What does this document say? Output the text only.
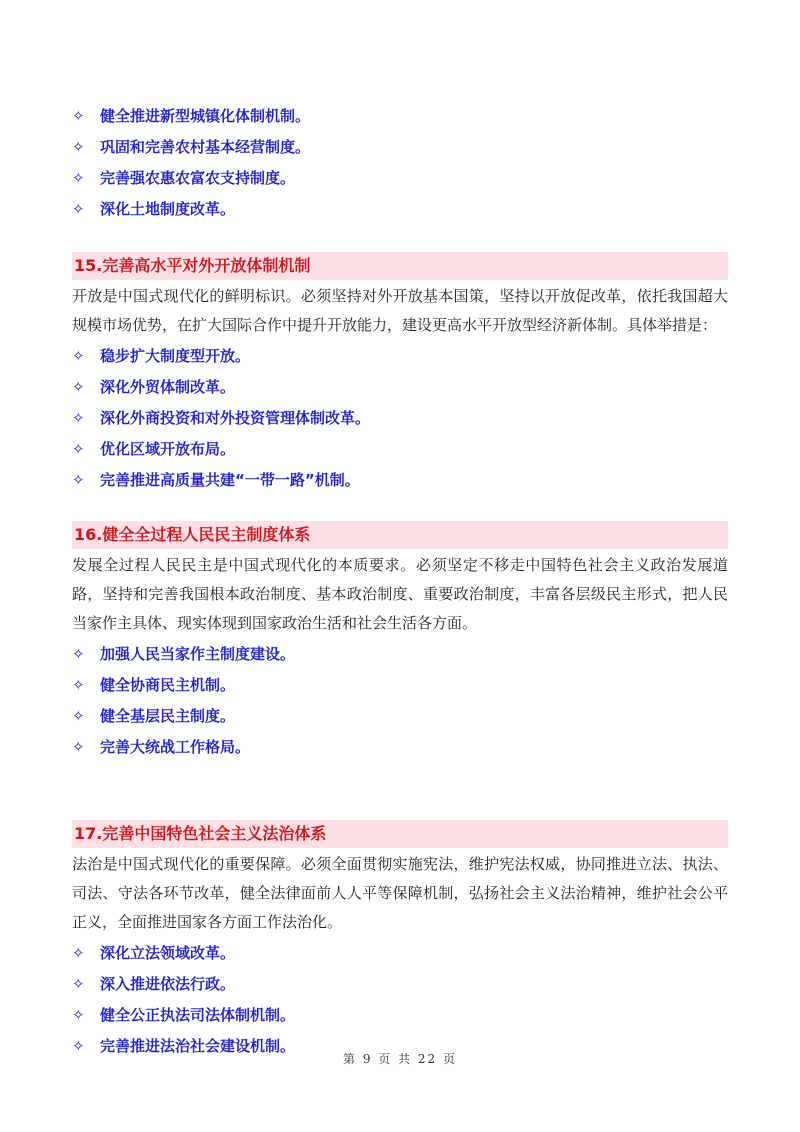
✧	健全推进新型城镇化体制机制。
✧	巩固和完善农村基本经营制度。
✧	完善强农惠农富农支持制度。
✧	深化土地制度改革。
15.完善高水平对外开放体制机制

开放是中国式现代化的鲜明标识。必须坚持对外开放基本国策，坚持以开放促改革，依托我国超大规模市场优势，在扩大国际合作中提升开放能力，建设更高水平开放型经济新体制。具体举措是：

✧	稳步扩大制度型开放。
✧	深化外贸体制改革。
✧	深化外商投资和对外投资管理体制改革。
✧	优化区域开放布局。
✧	完善推进高质量共建“一带一路”机制。
16.健全全过程人民民主制度体系

发展全过程人民民主是中国式现代化的本质要求。必须坚定不移走中国特色社会主义政治发展道路，坚持和完善我国根本政治制度、基本政治制度、重要政治制度，丰富各层级民主形式，把人民当家作主具体、现实体现到国家政治生活和社会生活各方面。

✧	加强人民当家作主制度建设。
✧	健全协商民主机制。
✧	健全基层民主制度。
✧	完善大统战工作格局。
17.完善中国特色社会主义法治体系

法治是中国式现代化的重要保障。必须全面贯彻实施宪法，维护宪法权威，协同推进立法、执法、司法、守法各环节改革，健全法律面前人人平等保障机制，弘扬社会主义法治精神，维护社会公平正义，全面推进国家各方面工作法治化。

✧	深化立法领域改革。
✧	深入推进依法行政。
✧	健全公正执法司法体制机制。
✧	完善推进法治社会建设机制。
第 9 页 共 22 页
